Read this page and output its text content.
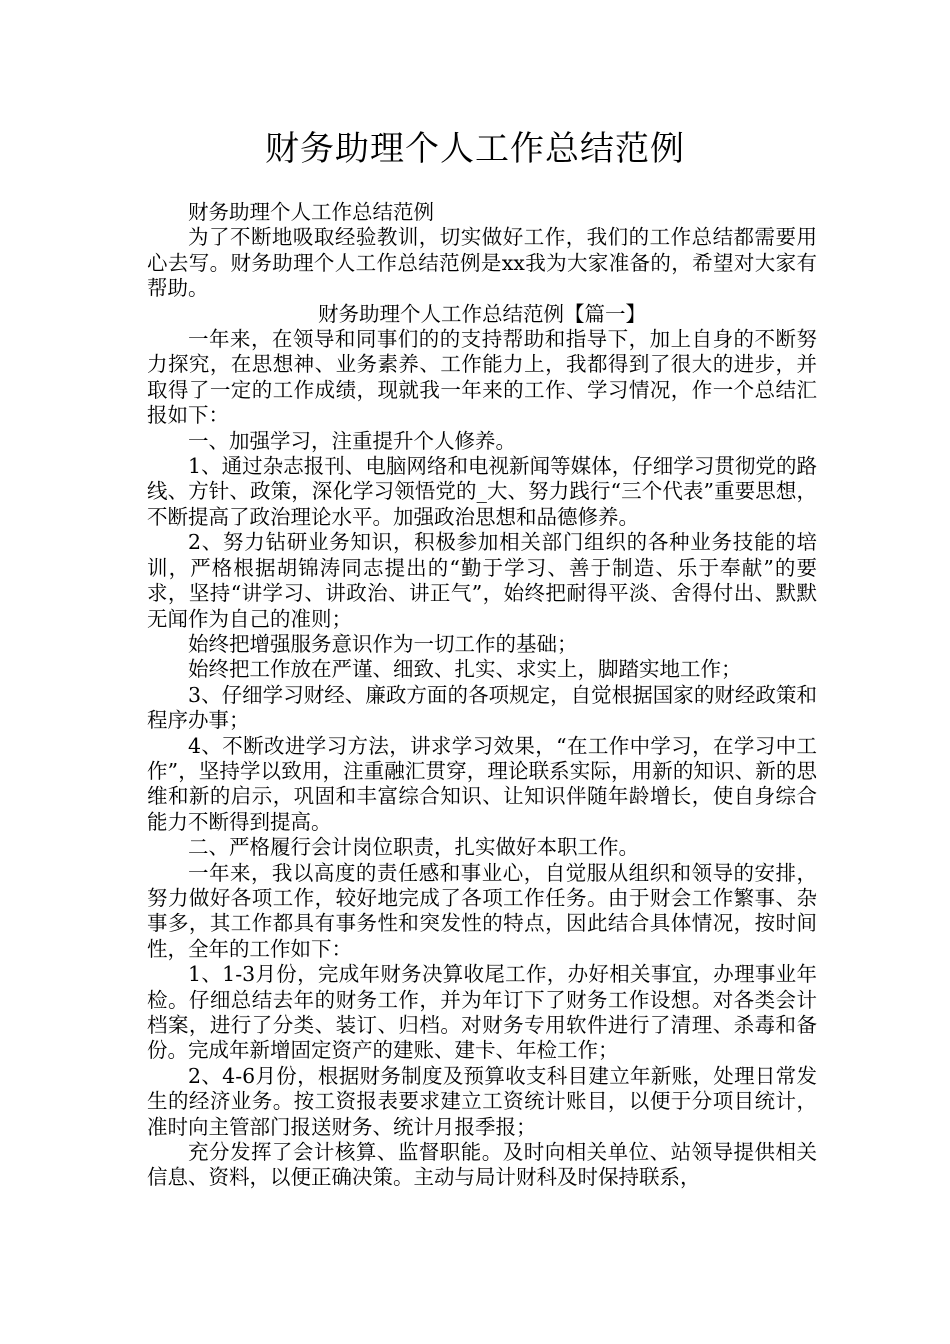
财务助理个人工作总结范例

财务助理个人工作总结范例

为了不断地吸取经验教训，切实做好工作，我们的工作总结都需要用心去写。财务助理个人工作总结范例是xx我为大家准备的，希望对大家有帮助。

财务助理个人工作总结范例【篇一】

一年来，在领导和同事们的的支持帮助和指导下，加上自身的不断努力探究，在思想神、业务素养、工作能力上，我都得到了很大的进步，并取得了一定的工作成绩，现就我一年来的工作、学习情况，作一个总结汇报如下：

一、加强学习，注重提升个人修养。

1、通过杂志报刊、电脑网络和电视新闻等媒体，仔细学习贯彻党的路线、方针、政策，深化学习领悟党的_大、努力践行“三个代表”重要思想，不断提高了政治理论水平。加强政治思想和品德修养。

2、努力钻研业务知识，积极参加相关部门组织的各种业务技能的培训，严格根据胡锦涛同志提出的“勤于学习、善于制造、乐于奉献”的要求，坚持“讲学习、讲政治、讲正气”，始终把耐得平淡、舍得付出、默默无闻作为自己的准则；

始终把增强服务意识作为一切工作的基础；

始终把工作放在严谨、细致、扎实、求实上，脚踏实地工作；

3、仔细学习财经、廉政方面的各项规定，自觉根据国家的财经政策和程序办事；

4、不断改进学习方法，讲求学习效果，“在工作中学习，在学习中工作”，坚持学以致用，注重融汇贯穿，理论联系实际，用新的知识、新的思维和新的启示，巩固和丰富综合知识、让知识伴随年龄增长，使自身综合能力不断得到提高。

二、严格履行会计岗位职责，扎实做好本职工作。

一年来，我以高度的责任感和事业心，自觉服从组织和领导的安排，努力做好各项工作，较好地完成了各项工作任务。由于财会工作繁事、杂事多，其工作都具有事务性和突发性的特点，因此结合具体情况，按时间性，全年的工作如下：

1、1-3月份，完成年财务决算收尾工作，办好相关事宜，办理事业年检。仔细总结去年的财务工作，并为年订下了财务工作设想。对各类会计档案，进行了分类、装订、归档。对财务专用软件进行了清理、杀毒和备份。完成年新增固定资产的建账、建卡、年检工作；

2、4-6月份，根据财务制度及预算收支科目建立年新账，处理日常发生的经济业务。按工资报表要求建立工资统计账目，以便于分项目统计，准时向主管部门报送财务、统计月报季报；

充分发挥了会计核算、监督职能。及时向相关单位、站领导提供相关信息、资料，以便正确决策。主动与局计财科及时保持联系，
